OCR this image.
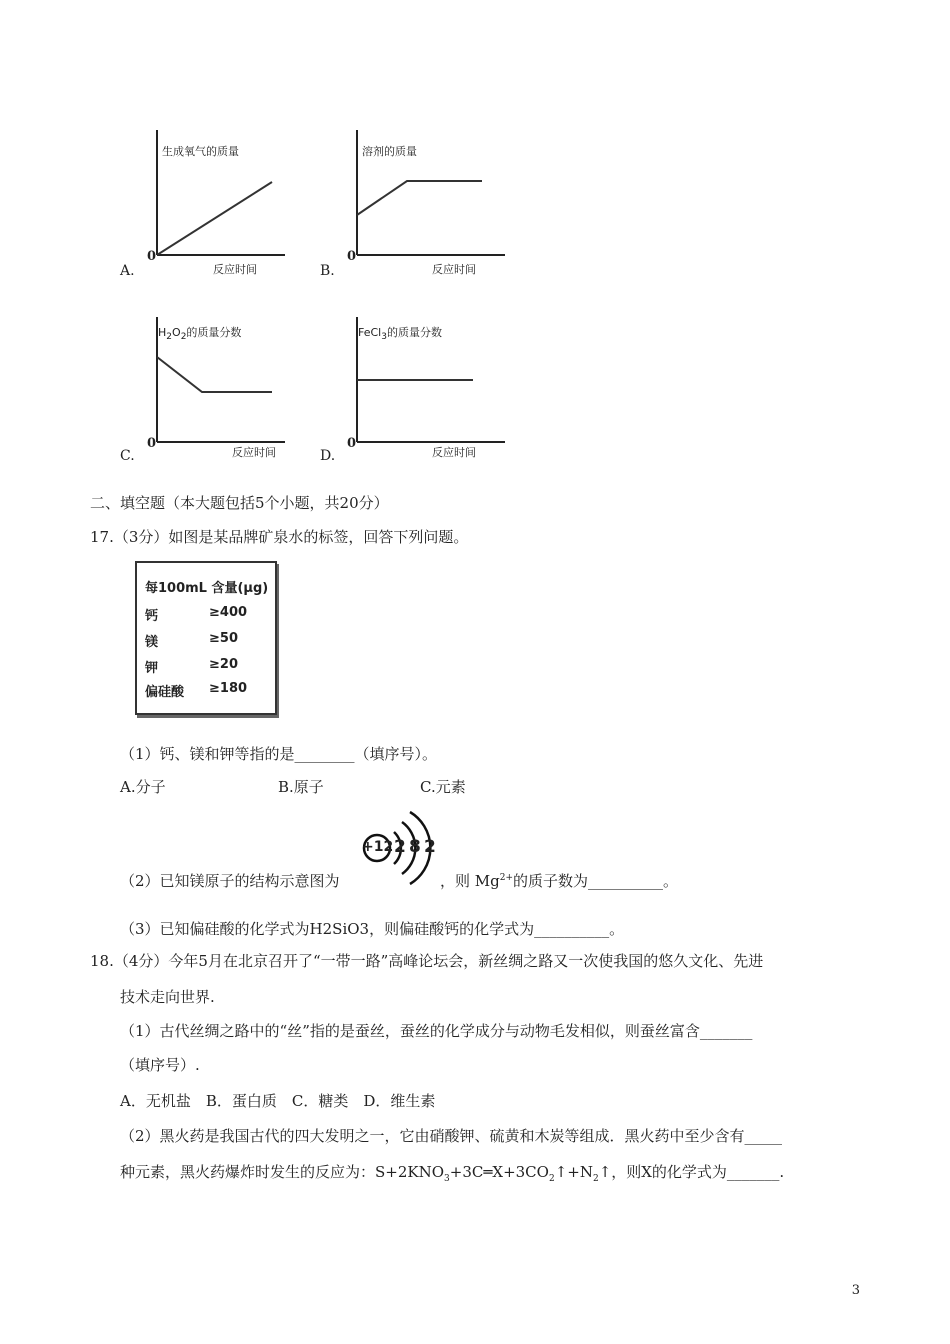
生成氧气的质量
0
反应时间
A.
溶剂的质量
0
反应时间
B.
$H_2O_2$的质量分数
0
反应时间
C.
FeCl$_3$的质量分数
0
反应时间
D.
二、填空题（本大题包括5个小题，共20分）
17.（3分）如图是某品牌矿泉水的标签，回答下列问题。
每100mL 含量(μg)
钙	≥400
镁	≥50
钾	≥20
偏硅酸 ≥180
（1）钙、镁和钾等指的是________（填序号）。
A.分子	B.原子	C.元素
+12 2 8 2
（2）已知镁原子的结构示意图为	，则 $Mg^{2+}$的质子数为__________。
（3）已知偏硅酸的化学式为H2SiO3，则偏硅酸钙的化学式为__________。
18.（4分）今年5月在北京召开了“一带一路”高峰论坛会，新丝绸之路又一次使我国的悠久文化、先进
技术走向世界.
（1）古代丝绸之路中的“丝”指的是蚕丝，蚕丝的化学成分与动物毛发相似，则蚕丝富含_______
（填序号）.
A．无机盐　B．蛋白质　C．糖类　D．维生素
（2）黑火药是我国古代的四大发明之一，它由硝酸钾、硫黄和木炭等组成．黑火药中至少含有_____
种元素，黑火药爆炸时发生的反应为：$S+2KNO_3+3C═X+3CO_2↑+N_2↑$，则X的化学式为_______.
3
